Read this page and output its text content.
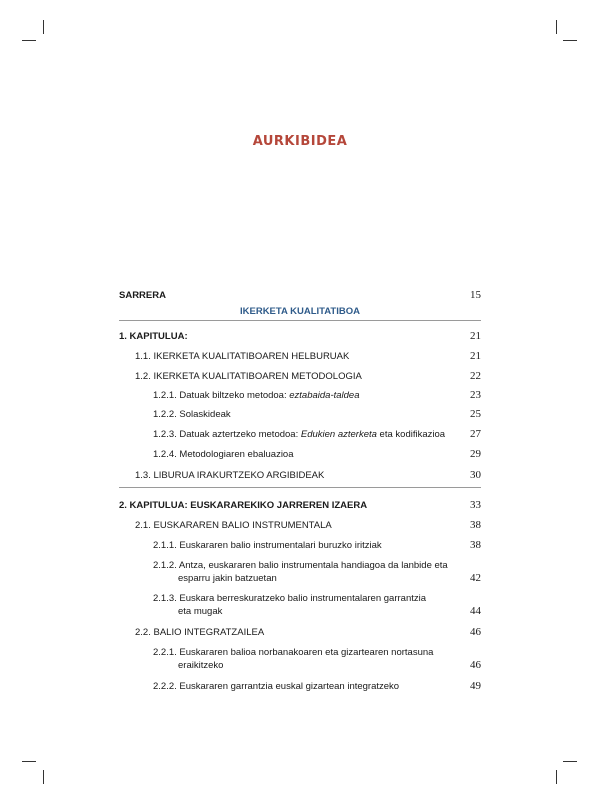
AURKIBIDEA
SARRERA	15
IKERKETA KUALITATIBOA
1. KAPITULUA:	21
1.1. IKERKETA KUALITATIBOAREN HELBURUAK	21
1.2. IKERKETA KUALITATIBOAREN METODOLOGIA	22
1.2.1. Datuak biltzeko metodoa: eztabaida-taldea	23
1.2.2. Solaskideak	25
1.2.3. Datuak aztertzeko metodoa: Edukien azterketa eta kodifikazioa 27
1.2.4. Metodologiaren ebaluazioa	29
1.3. LIBURUA IRAKURTZEKO ARGIBIDEAK	30
2. KAPITULUA: EUSKARAREKIKO JARREREN IZAERA	33
2.1. EUSKARAREN BALIO INSTRUMENTALA	38
2.1.1. Euskararen balio instrumentalari buruzko iritziak	38
2.1.2. Antza, euskararen balio instrumentala handiagoa da lanbide eta
esparru jakin batzuetan	42
2.1.3. Euskara berreskuratzeko balio instrumentalaren garrantzia
eta mugak	44
2.2. BALIO INTEGRATZAILEA	46
2.2.1. Euskararen balioa norbanakoaren eta gizartearen nortasuna
eraikitzeko	46
2.2.2. Euskararen garrantzia euskal gizartean integratzeko	49
